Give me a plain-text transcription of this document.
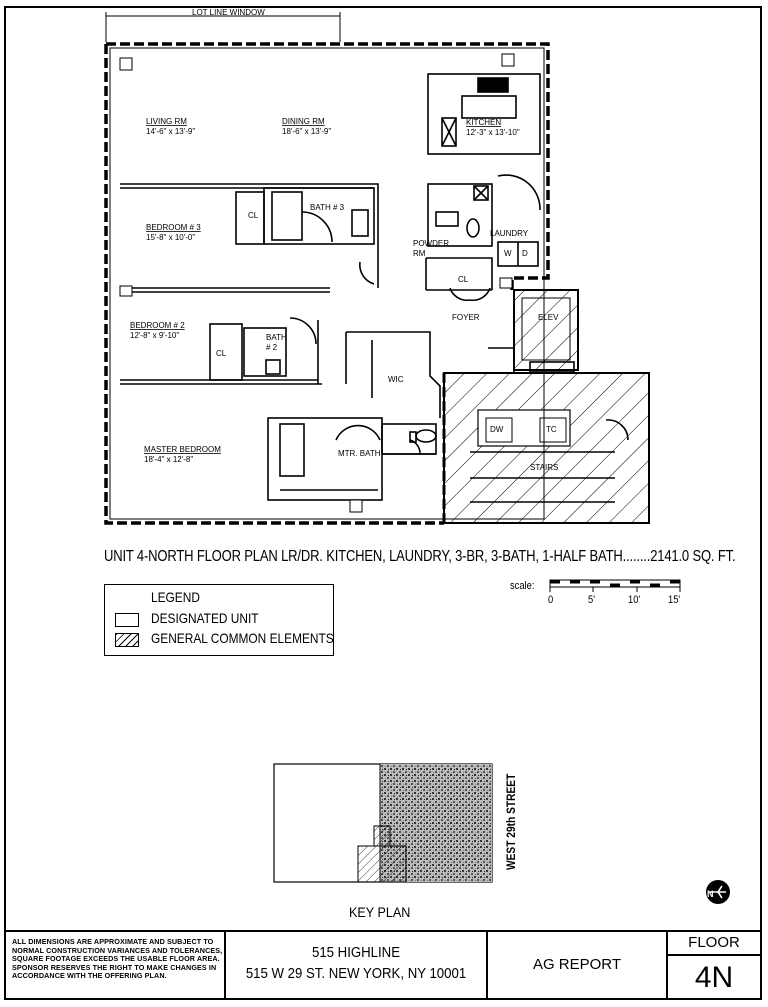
LOT LINE WINDOW
LIVING RM
14'-6" x 13'-9"
DINING RM
18'-6" x 13'-9"
KITCHEN
12'-3" x 13'-10"
BEDROOM # 3
15'-8" x 10'-0"
BATH # 3
LAUNDRY
POWDER
RM
BEDROOM # 2
12'-8" x 9'-10"	BATH
# 2
FOYER	ELEV
WIC
MASTER BEDROOM
18'-4" x 12'-8"
MTR. BATH
STAIRS
CL
CL
CL
W D
DW	TC
N
UNIT 4-NORTH FLOOR PLAN LR/DR. KITCHEN, LAUNDRY, 3-BR, 3-BATH, 1-HALF BATH........2141.0 SQ. FT.
LEGEND
DESIGNATED UNIT
GENERAL COMMON ELEMENTS
scale:
0	5'	10'	15'
KEY PLAN
WEST 29th STREET
ALL DIMENSIONS ARE APPROXIMATE AND SUBJECT TO NORMAL CONSTRUCTION VARIANCES AND TOLERANCES, SQUARE FOOTAGE EXCEEDS THE USABLE FLOOR AREA. SPONSOR RESERVES THE RIGHT TO MAKE CHANGES IN ACCORDANCE WITH THE OFFERING PLAN.
515 HIGHLINE
515 W 29 ST. NEW YORK, NY 10001
AG REPORT
FLOOR
4N
